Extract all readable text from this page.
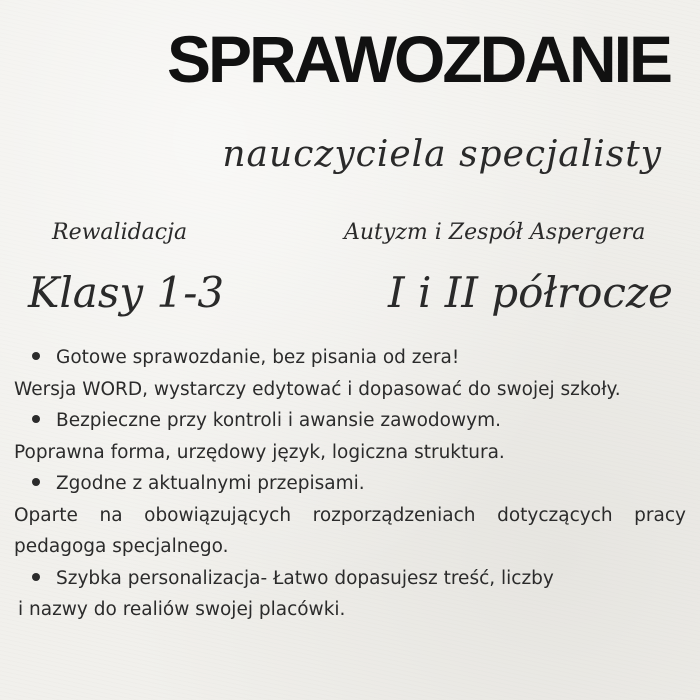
SPRAWOZDANIE

nauczyciela specjalisty

Rewalidacja	Autyzm i Zespół Aspergera

Klasy 1-3	I i II półrocze

Gotowe sprawozdanie, bez pisania od zera!

Wersja WORD, wystarczy edytować i dopasować do swojej szkoły.

Bezpieczne przy kontroli i awansie zawodowym.

Poprawna forma, urzędowy język, logiczna struktura.

Zgodne z aktualnymi przepisami.

Oparte na obowiązujących rozporządzeniach dotyczących pracy pedagoga specjalnego.

Szybka personalizacja- Łatwo dopasujesz treść, liczby

i nazwy do realiów swojej placówki.
